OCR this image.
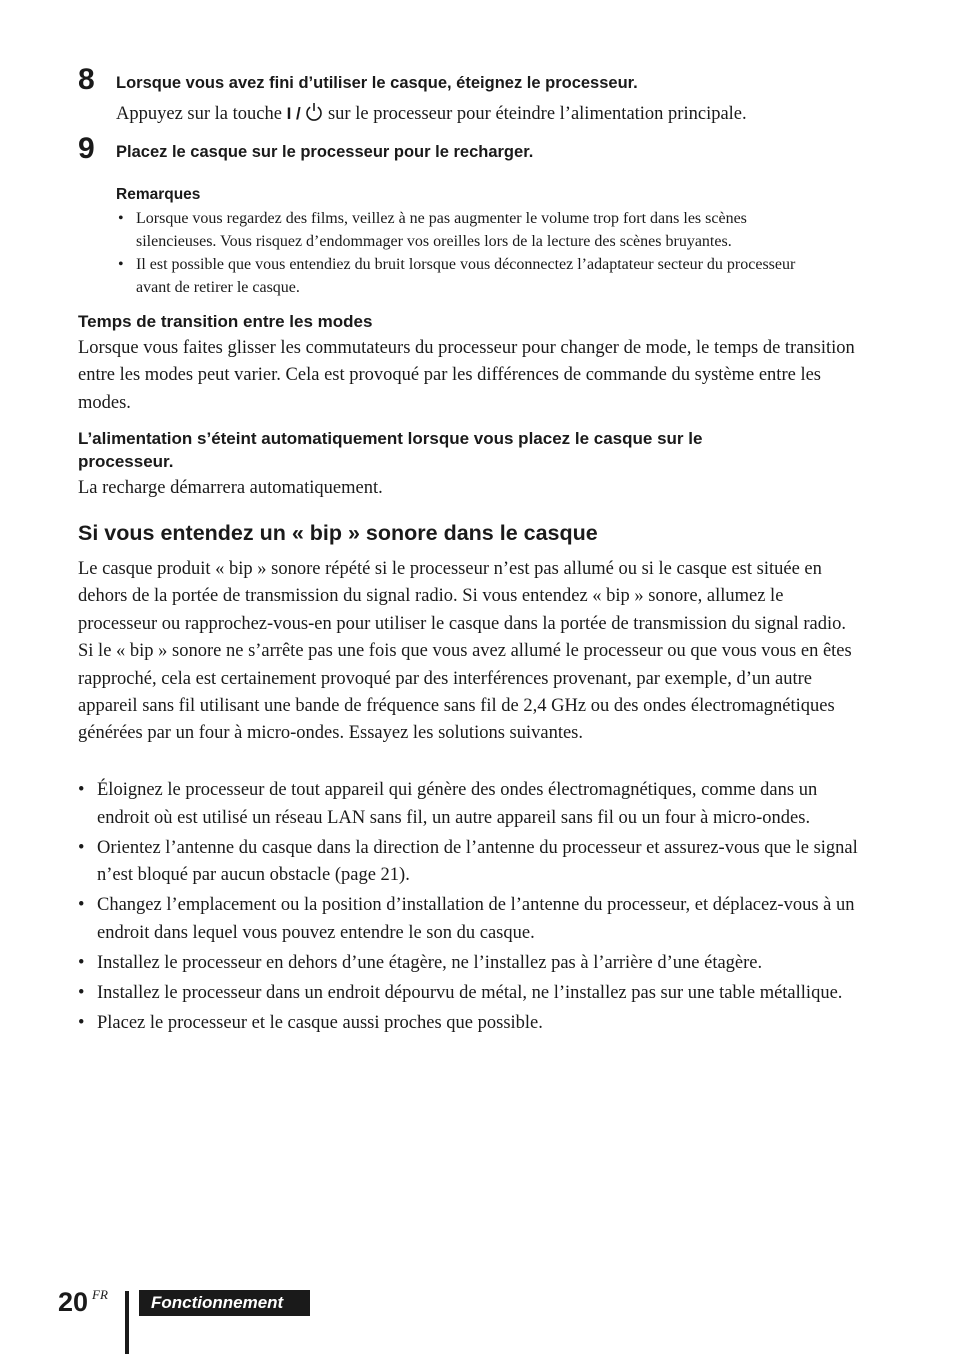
8 Lorsque vous avez fini d’utiliser le casque, éteignez le processeur.
Appuyez sur la touche I /  sur le processeur pour éteindre l’alimentation principale.
9 Placez le casque sur le processeur pour le recharger.
Remarques
• Lorsque vous regardez des films, veillez à ne pas augmenter le volume trop fort dans les scènes silencieuses. Vous risquez d’endommager vos oreilles lors de la lecture des scènes bruyantes.
• Il est possible que vous entendiez du bruit lorsque vous déconnectez l’adaptateur secteur du processeur avant de retirer le casque.
Temps de transition entre les modes

Lorsque vous faites glisser les commutateurs du processeur pour changer de mode, le temps de transition entre les modes peut varier. Cela est provoqué par les différences de commande du système entre les modes.

L’alimentation s’éteint automatiquement lorsque vous placez le casque sur le processeur.
La recharge démarrera automatiquement.
Si vous entendez un « bip » sonore dans le casque

Le casque produit « bip » sonore répété si le processeur n’est pas allumé ou si le casque est située en dehors de la portée de transmission du signal radio. Si vous entendez « bip » sonore, allumez le processeur ou rapprochez-vous-en pour utiliser le casque dans la portée de transmission du signal radio. Si le « bip » sonore ne s’arrête pas une fois que vous avez allumé le processeur ou que vous vous en êtes rapproché, cela est certainement provoqué par des interférences provenant, par exemple, d’un autre appareil sans fil utilisant une bande de fréquence sans fil de 2,4 GHz ou des ondes électromagnétiques générées par un four à micro-ondes. Essayez les solutions suivantes.

• Éloignez le processeur de tout appareil qui génère des ondes électromagnétiques, comme dans un endroit où est utilisé un réseau LAN sans fil, un autre appareil sans fil ou un four à micro-ondes.
• Orientez l’antenne du casque dans la direction de l’antenne du processeur et assurez-vous que le signal n’est bloqué par aucun obstacle (page 21).
• Changez l’emplacement ou la position d’installation de l’antenne du processeur, et déplacez-vous à un endroit dans lequel vous pouvez entendre le son du casque.
• Installez le processeur en dehors d’une étagère, ne l’installez pas à l’arrière d’une étagère.
• Installez le processeur dans un endroit dépourvu de métal, ne l’installez pas sur une table métallique.
• Placez le processeur et le casque aussi proches que possible.
20 FR	Fonctionnement
